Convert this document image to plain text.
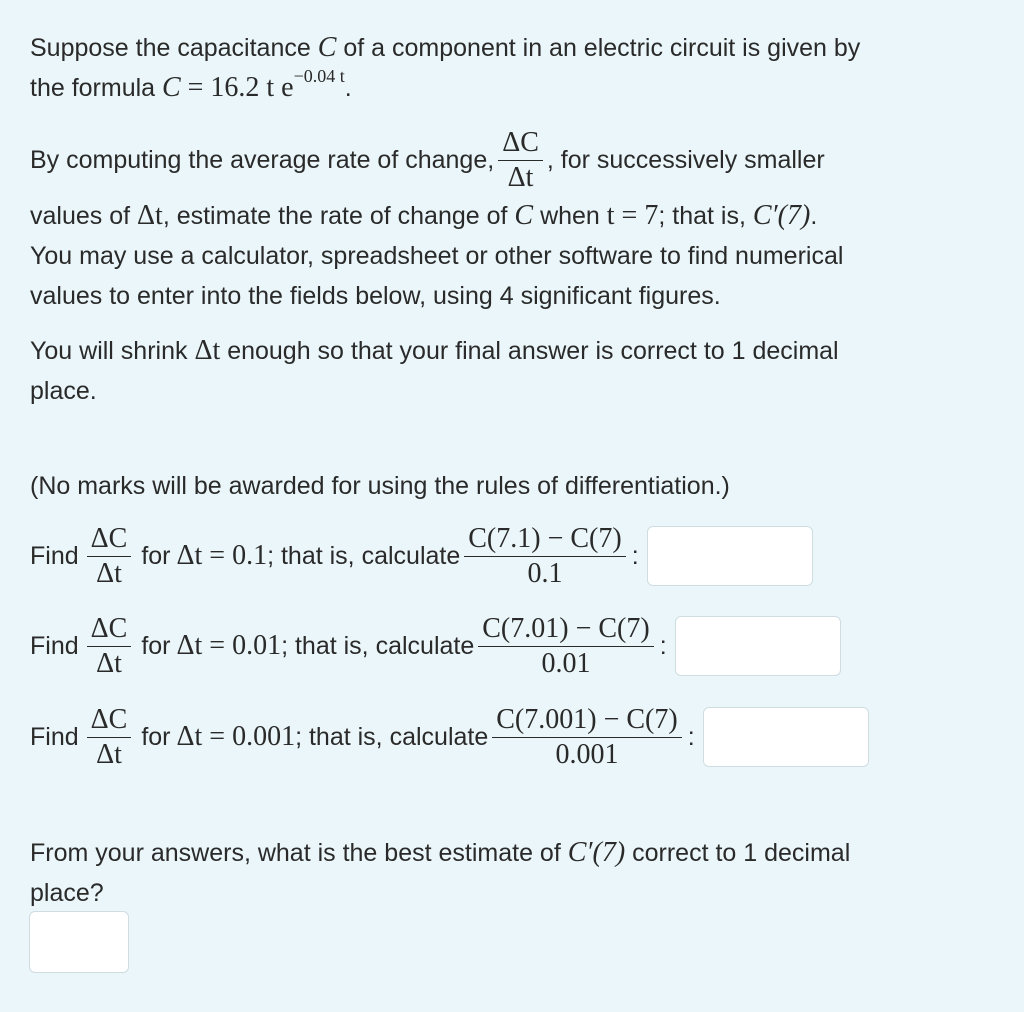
Suppose the capacitance C of a component in an electric circuit is given by
the formula C = 16.2 t $e^{-0.04 t}$.
By computing the average rate of change, $\frac{\Delta C}{\Delta t}$ , for successively smaller
values of Δt, estimate the rate of change of C when t = 7; that is, C′(7).
You may use a calculator, spreadsheet or other software to find numerical
values to enter into the fields below, using 4 significant figures.
You will shrink Δt enough so that your final answer is correct to 1 decimal
place.
(No marks will be awarded for using the rules of differentiation.)
Find $\frac{\Delta C}{\Delta t}$ for Δt = 0.1 ; that is, calculate $\frac{C(7.1) - C(7)}{0.1}$ :
Find $\frac{\Delta C}{\Delta t}$ for Δt = 0.01 ; that is, calculate $\frac{C(7.01) - C(7)}{0.01}$ :
Find $\frac{\Delta C}{\Delta t}$ for Δt = 0.001 ; that is, calculate $\frac{C(7.001) - C(7)}{0.001}$ :
From your answers, what is the best estimate of C′(7) correct to 1 decimal
place?
